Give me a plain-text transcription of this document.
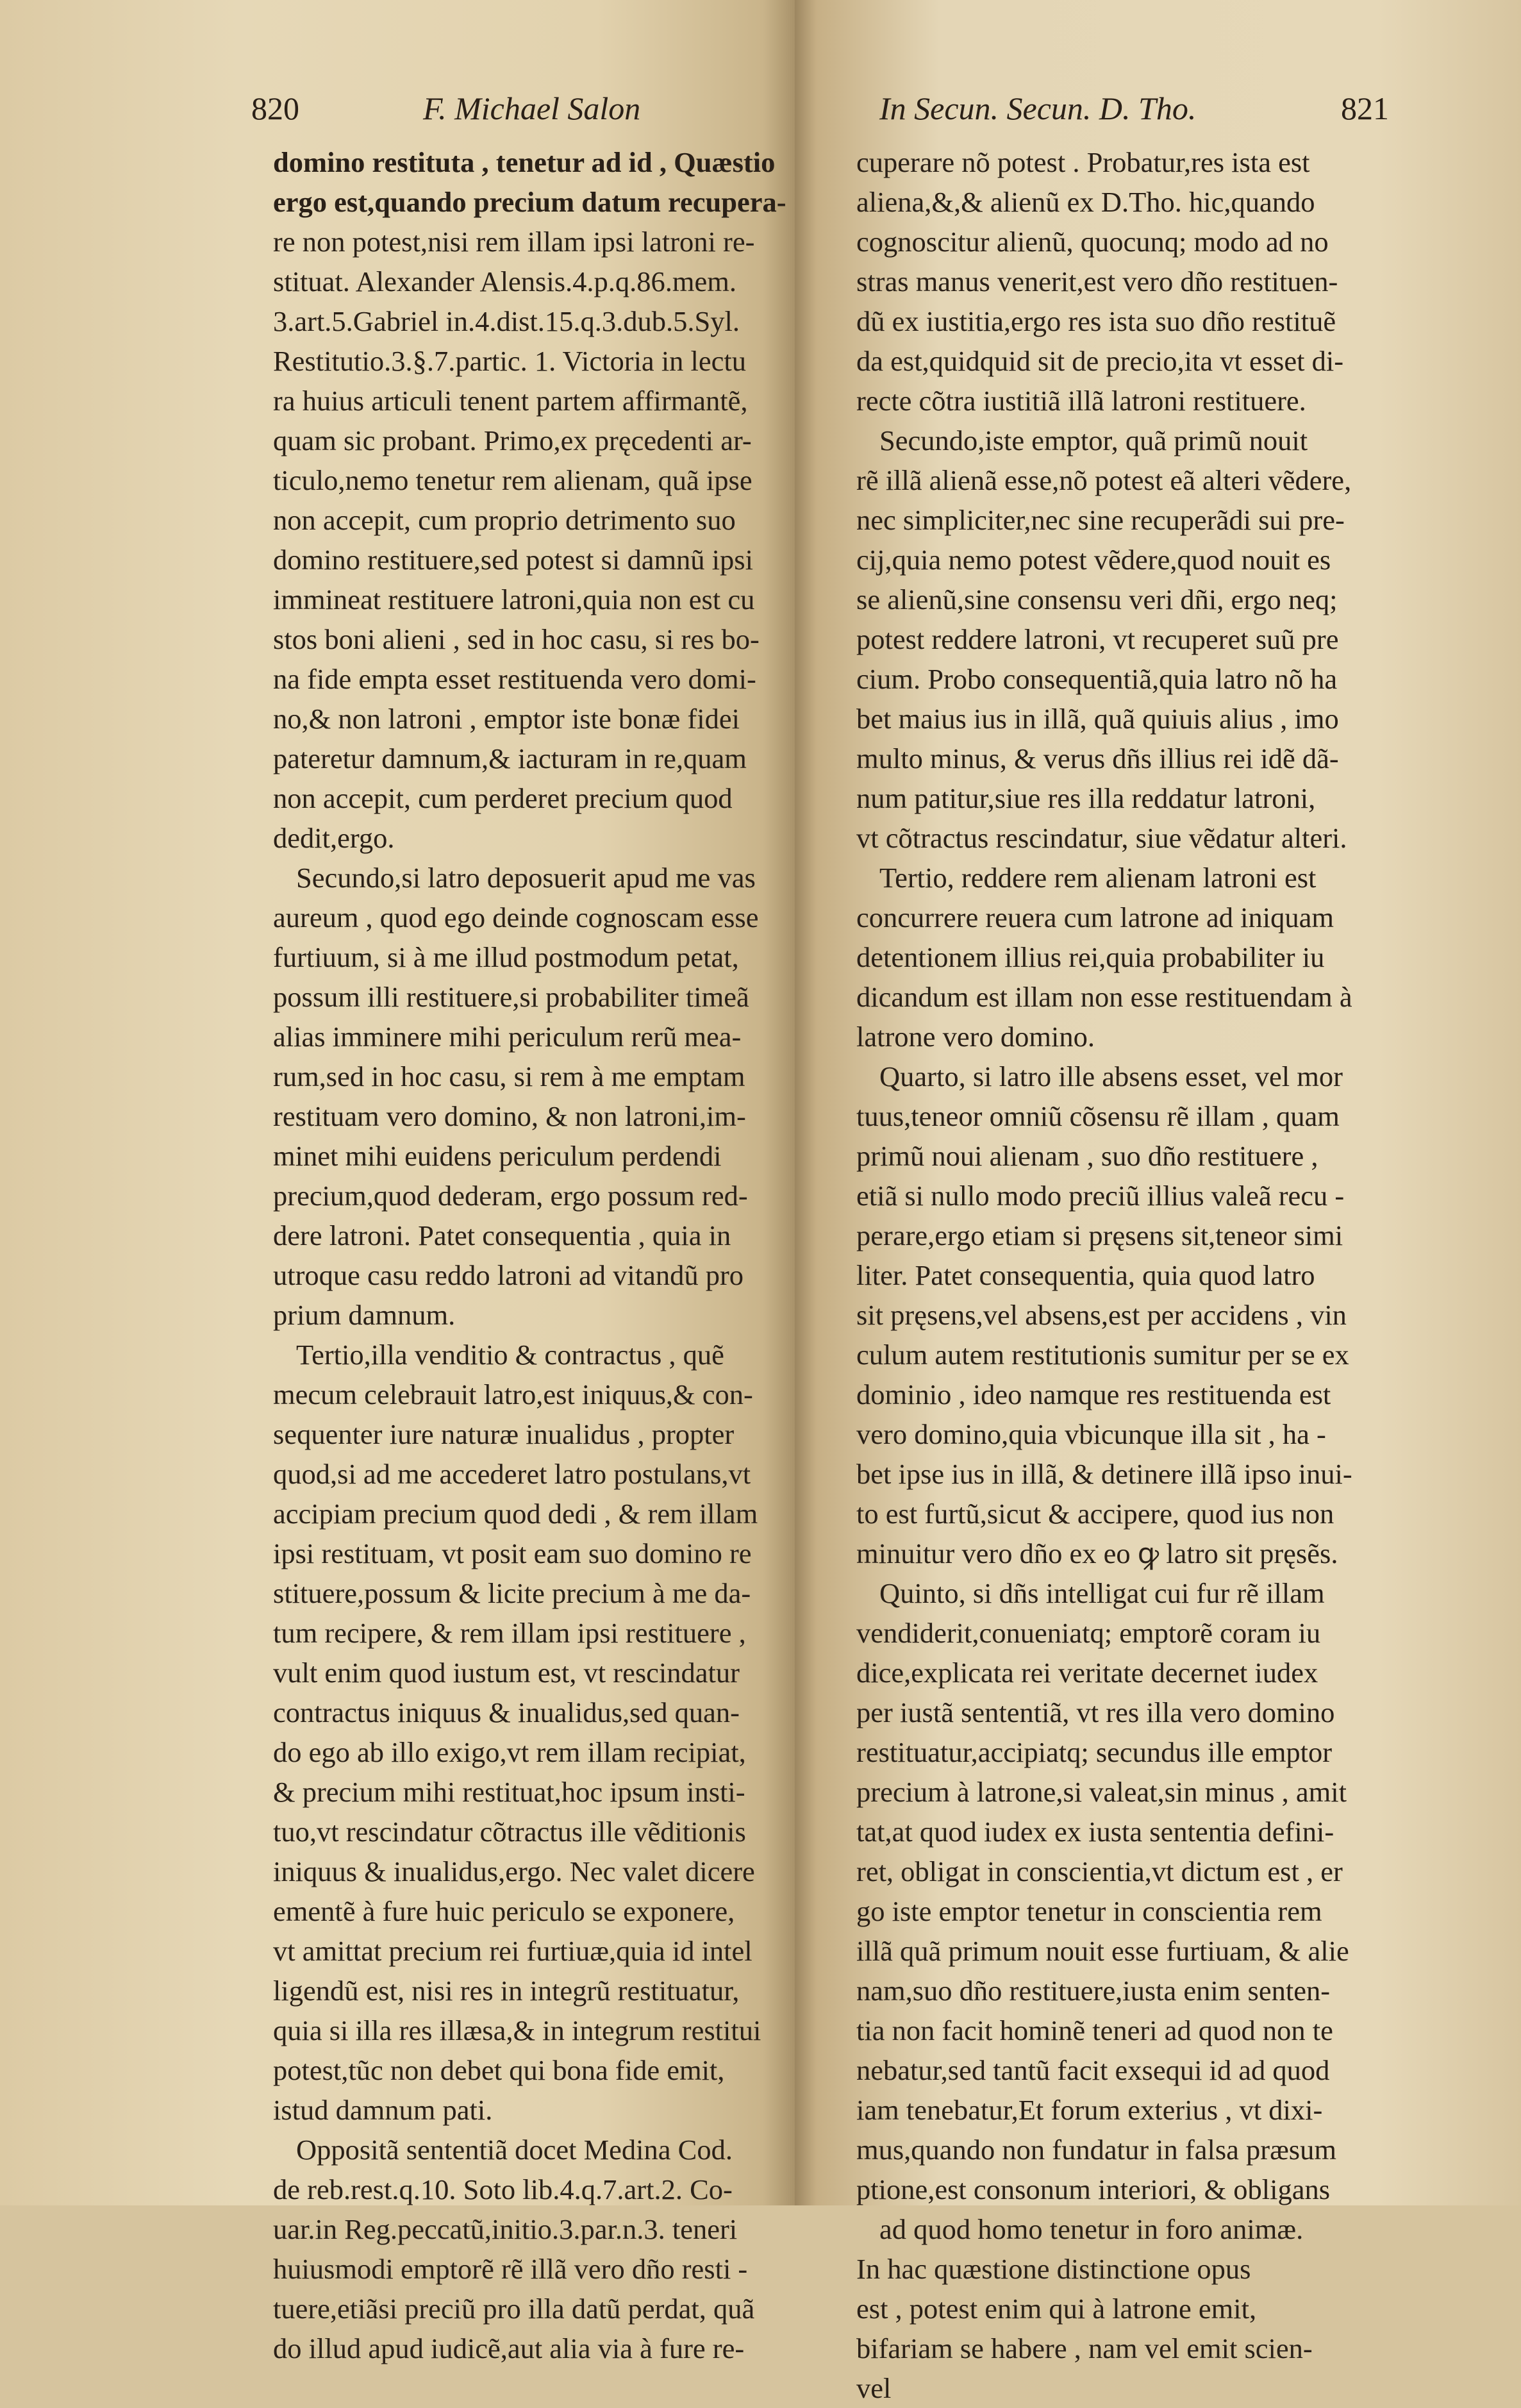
820	F. Michael Salon
domino restituta , tenetur ad id , Quæstio
ergo est,quando precium datum recupera-
re non potest,nisi rem illam ipsi latroni re-
stituat. Alexander Alensis.4.p.q.86.mem.
3.art.5.Gabriel in.4.dist.15.q.3.dub.5.Syl.
Restitutio.3.§.7.partic. 1. Victoria in lectu
ra huius articuli tenent partem affirmantẽ,
quam sic probant. Primo,ex pręcedenti ar-
ticulo,nemo tenetur rem alienam, quã ipse
non accepit, cum proprio detrimento suo
domino restituere,sed potest si damnũ ipsi
immineat restituere latroni,quia non est cu
stos boni alieni , sed in hoc casu, si res bo-
na fide empta esset restituenda vero domi-
no,& non latroni , emptor iste bonæ fidei
pateretur damnum,& iacturam in re,quam
non accepit, cum perderet precium quod
dedit,ergo.
Secundo,si latro deposuerit apud me vas
aureum , quod ego deinde cognoscam esse
furtiuum, si à me illud postmodum petat,
possum illi restituere,si probabiliter timeã
alias imminere mihi periculum rerũ mea-
rum,sed in hoc casu, si rem à me emptam
restituam vero domino, & non latroni,im-
minet mihi euidens periculum perdendi
precium,quod dederam, ergo possum red-
dere latroni. Patet consequentia , quia in
utroque casu reddo latroni ad vitandũ pro
prium damnum.
Tertio,illa venditio & contractus , quẽ
mecum celebrauit latro,est iniquus,& con-
sequenter iure naturæ inualidus , propter
quod,si ad me accederet latro postulans,vt
accipiam precium quod dedi , & rem illam
ipsi restituam, vt posit eam suo domino re
stituere,possum & licite precium à me da-
tum recipere, & rem illam ipsi restituere ,
vult enim quod iustum est, vt rescindatur
contractus iniquus & inualidus,sed quan-
do ego ab illo exigo,vt rem illam recipiat,
& precium mihi restituat,hoc ipsum insti-
tuo,vt rescindatur cõtractus ille vẽditionis
iniquus & inualidus,ergo. Nec valet dicere
ementẽ à fure huic periculo se exponere,
vt amittat precium rei furtiuæ,quia id intel
ligendũ est, nisi res in integrũ restituatur,
quia si illa res illæsa,& in integrum restitui
potest,tũc non debet qui bona fide emit,
istud damnum pati.
Oppositã sententiã docet Medina Cod.
de reb.rest.q.10. Soto lib.4.q.7.art.2. Co-
uar.in Reg.peccatũ,initio.3.par.n.3. teneri
huiusmodi emptorẽ rẽ illã vero dño resti -
tuere,etiãsi preciũ pro illa datũ perdat, quã
do illud apud iudicẽ,aut alia via à fure re-
In Secun. Secun. D. Tho.	821
cuperare nõ potest . Probatur,res ista est
aliena,&,& alienũ ex D.Tho. hic,quando
cognoscitur alienũ, quocunq; modo ad no
stras manus venerit,est vero dño restituen-
dũ ex iustitia,ergo res ista suo dño restituẽ
da est,quidquid sit de precio,ita vt esset di-
recte cõtra iustitiã illã latroni restituere.
Secundo,iste emptor, quã primũ nouit
rẽ illã alienã esse,nõ potest eã alteri vẽdere,
nec simpliciter,nec sine recuperãdi sui pre-
cij,quia nemo potest vẽdere,quod nouit es
se alienũ,sine consensu veri dñi, ergo neq;
potest reddere latroni, vt recuperet suũ pre
cium. Probo consequentiã,quia latro nõ ha
bet maius ius in illã, quã quiuis alius , imo
multo minus, & verus dñs illius rei idẽ dã-
num patitur,siue res illa reddatur latroni,
vt cõtractus rescindatur, siue vẽdatur alteri.
Tertio, reddere rem alienam latroni est
concurrere reuera cum latrone ad iniquam
detentionem illius rei,quia probabiliter iu
dicandum est illam non esse restituendam à
latrone vero domino.
Quarto, si latro ille absens esset, vel mor
tuus,teneor omniũ cõsensu rẽ illam , quam
primũ noui alienam , suo dño restituere ,
etiã si nullo modo preciũ illius valeã recu -
perare,ergo etiam si pręsens sit,teneor simi
liter. Patet consequentia, quia quod latro
sit pręsens,vel absens,est per accidens , vin
culum autem restitutionis sumitur per se ex
dominio , ideo namque res restituenda est
vero domino,quia vbicunque illa sit , ha -
bet ipse ius in illã, & detinere illã ipso inui-
to est furtũ,sicut & accipere, quod ius non
minuitur vero dño ex eo ꝙ latro sit pręsẽs.
Quinto, si dñs intelligat cui fur rẽ illam
vendiderit,conueniatq; emptorẽ coram iu
dice,explicata rei veritate decernet iudex
per iustã sententiã, vt res illa vero domino
restituatur,accipiatq; secundus ille emptor
precium à latrone,si valeat,sin minus , amit
tat,at quod iudex ex iusta sententia defini-
ret, obligat in conscientia,vt dictum est , er
go iste emptor tenetur in conscientia rem
illã quã primum nouit esse furtiuam, & alie
nam,suo dño restituere,iusta enim senten-
tia non facit hominẽ teneri ad quod non te
nebatur,sed tantũ facit exsequi id ad quod
iam tenebatur,Et forum exterius , vt dixi-
mus,quando non fundatur in falsa præsum
ptione,est consonum interiori, & obligans
ad quod homo tenetur in foro animæ.
In hac quæstione distinctione opus
est , potest enim qui à latrone emit,
bifariam se habere , nam vel emit scien-
vel
